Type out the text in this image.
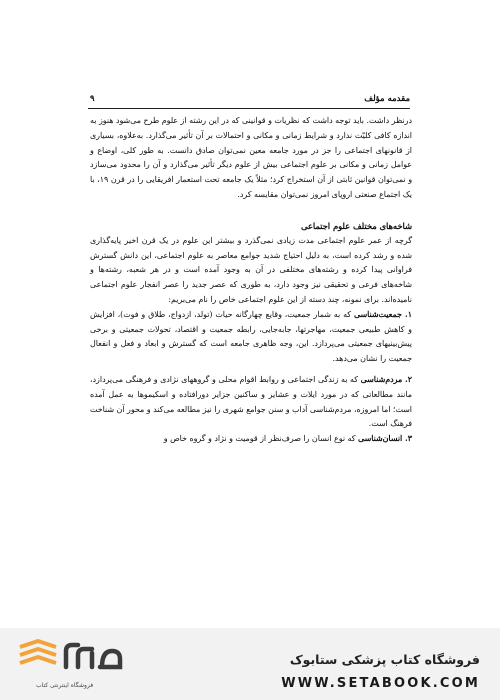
مقدمه مؤلف
۹

درنظر داشت. باید توجه داشت که نظریات و قوانینی که در این رشته از علوم طرح می‌شود هنوز به اندازه کافی کلیّت ندارد و شرایط زمانی و مکانی و احتمالات بر آن تأثیر می‌گذارد. به‌علاوه، بسیاری از قانونهای اجتماعی را جز در مورد جامعه معین نمی‌توان صادق دانست. به طور کلی، اوضاع و عوامل زمانی و مکانی بر علوم اجتماعی بیش از علوم دیگر تأثیر می‌گذارد و آن را محدود می‌سازد و نمی‌توان قوانین ثابتی از آن استخراج کرد؛ مثلاً یک جامعه تحت استعمار افریقایی را در قرن ۱۹، با یک اجتماع صنعتی اروپای امروز نمی‌توان مقایسه کرد.

شاخه‌های مختلف علوم اجتماعی

گرچه از عمر علوم اجتماعی مدت زیادی نمی‌گذرد و بیشتر این علوم در یک قرن اخیر پایه‌گذاری شده و رشد کرده است، به دلیل احتیاج شدید جوامع معاصر به علوم اجتماعی، این دانش گسترش فراوانی پیدا کرده و رشته‌های مختلفی در آن به وجود آمده است و در هر شعبه، رشته‌ها و شاخه‌های فرعی و تحقیقی نیز وجود دارد، به طوری که عصر جدید را عصر انفجار علوم اجتماعی نامیده‌اند. برای نمونه، چند دسته از این علوم اجتماعی خاص را نام می‌بریم:

۱. جمعیت‌شناسی که به شمار جمعیت، وقایع چهارگانه حیات (تولد، ازدواج، طلاق و فوت)، افزایش و کاهش طبیعی جمعیت، مهاجرتها، جابه‌جایی، رابطه جمعیت و اقتصاد، تحولات جمعیتی و برخی پیش‌بینیهای جمعیتی می‌پردازد. این، وجه ظاهری جامعه است که گسترش و ابعاد و فعل و انفعال جمعیت را نشان می‌دهد.

۲. مردم‌شناسی که به زندگی اجتماعی و روابط اقوام محلی و گروههای نژادی و فرهنگی می‌پردازد، مانند مطالعاتی که در مورد ایلات و عشایر و ساکنین جزایر دورافتاده و اسکیموها به عمل آمده است؛ اما امروزه، مردم‌شناسی آداب و سنن جوامع شهری را نیز مطالعه می‌کند و محور آن شناخت فرهنگ است.

۳. انسان‌شناسی که نوع انسان را صرف‌نظر از قومیت و نژاد و گروه خاص و

فروشگاه اینترنتی کتاب
فروشگاه کتاب پزشکی ستابوک
WWW.SETABOOK.COM
